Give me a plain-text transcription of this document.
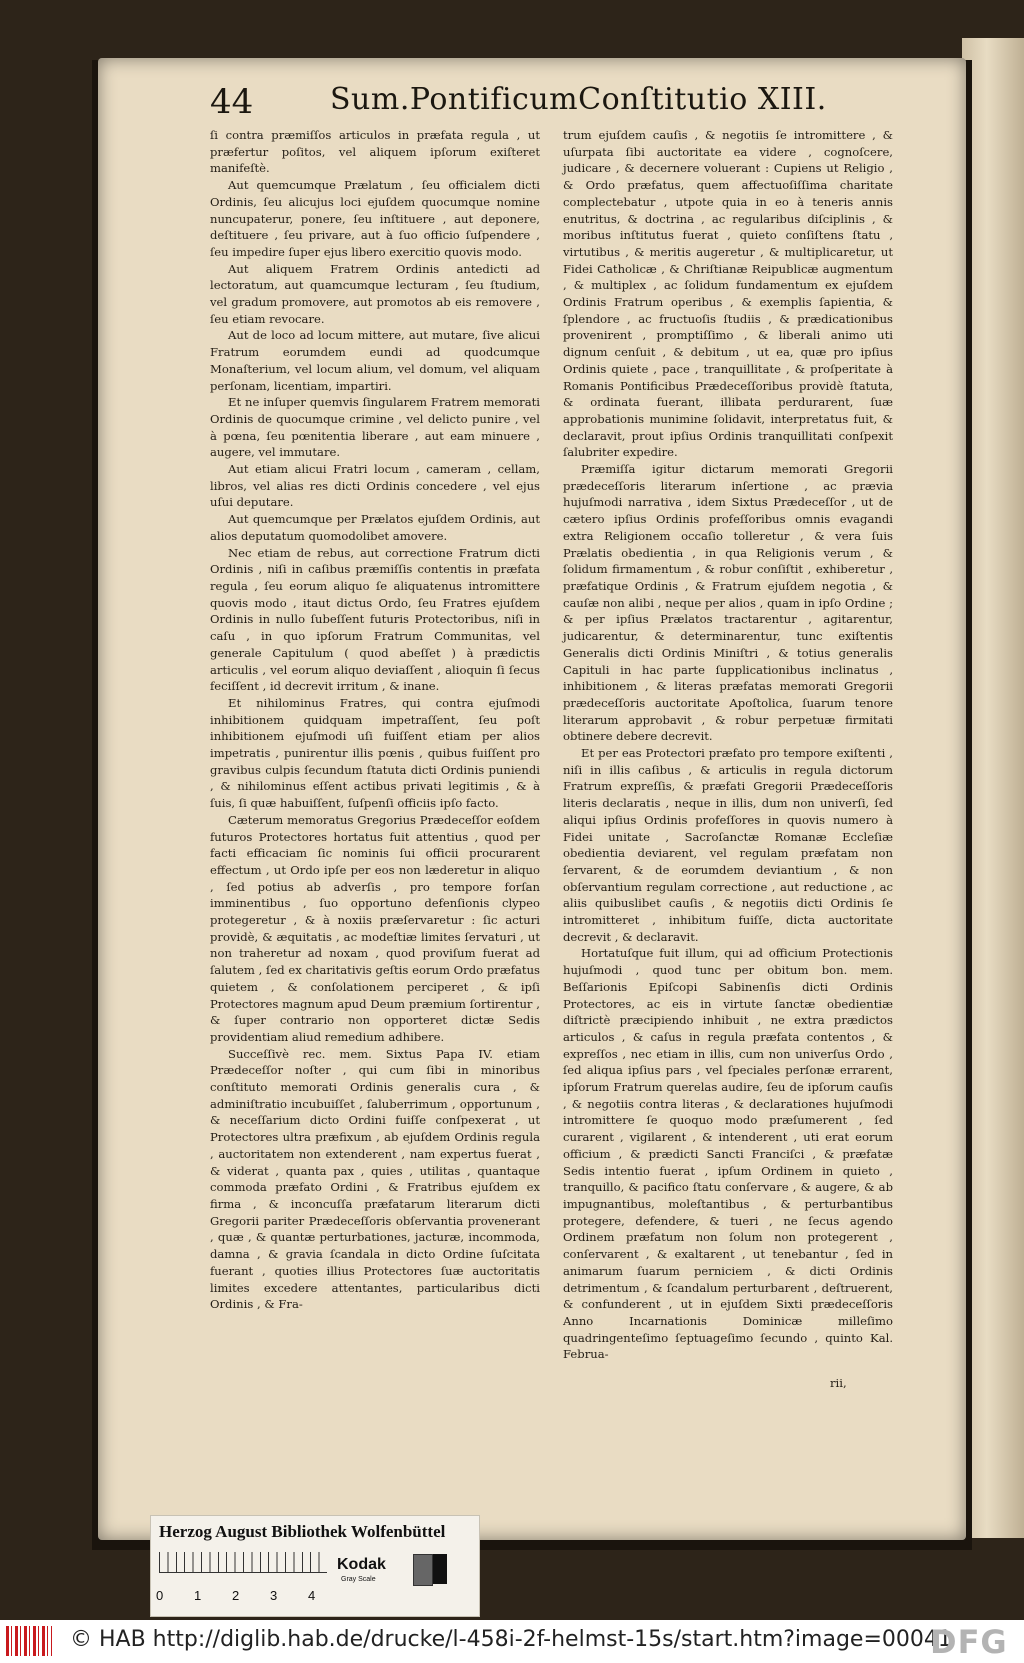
44	Sum.PontificumConſtitutio XIII.

ſi contra præmiſſos articulos in præfata regula , ut præfertur poſitos, vel aliquem ipſorum exiſteret manifeſtè.

Aut quemcumque Prælatum , ſeu officialem dicti Ordinis, ſeu alicujus loci ejuſdem quocumque nomine nuncupaterur, ponere, ſeu inſtituere , aut deponere, deſtituere , ſeu privare, aut à ſuo officio ſuſpendere , ſeu impedire ſuper ejus libero exercitio quovis modo.

Aut aliquem Fratrem Ordinis antedicti ad lectoratum, aut quamcumque lecturam , ſeu ſtudium, vel gradum promovere, aut promotos ab eis removere , ſeu etiam revocare.

Aut de loco ad locum mittere, aut mutare, ſive alicui Fratrum eorumdem eundi ad quodcumque Monaſterium, vel locum alium, vel domum, vel aliquam perſonam, licentiam, impartiri.

Et ne inſuper quemvis ſingularem Fratrem memorati Ordinis de quocumque crimine , vel delicto punire , vel à pœna, ſeu pœnitentia liberare , aut eam minuere , augere, vel immutare.

Aut etiam alicui Fratri locum , cameram , cellam, libros, vel alias res dicti Ordinis concedere , vel ejus uſui deputare.

Aut quemcumque per Prælatos ejuſdem Ordinis, aut alios deputatum quomodolibet amovere.

Nec etiam de rebus, aut correctione Fratrum dicti Ordinis , niſi in caſibus præmiſſis contentis in præfata regula , ſeu eorum aliquo ſe aliquatenus intromittere quovis modo , itaut dictus Ordo, ſeu Fratres ejuſdem Ordinis in nullo ſubeſſent futuris Protectoribus, niſi in caſu , in quo ipſorum Fratrum Communitas, vel generale Capitulum ( quod abeſſet ) à prædictis articulis , vel eorum aliquo deviaſſent , alioquin ſi ſecus feciſſent , id decrevit irritum , & inane.

Et nihilominus Fratres, qui contra ejuſmodi inhibitionem quidquam impetraſſent, ſeu poſt inhibitionem ejuſmodi uſi fuiſſent etiam per alios impetratis , punirentur illis pœnis , quibus fuiſſent pro gravibus culpis ſecundum ſtatuta dicti Ordinis puniendi , & nihilominus eſſent actibus privati legitimis , & à ſuis, ſi quæ habuiſſent, ſuſpenſi officiis ipſo facto.

Cæterum memoratus Gregorius Prædeceſſor eoſdem futuros Protectores hortatus fuit attentius , quod per facti efficaciam ſic nominis ſui officii procurarent effectum , ut Ordo ipſe per eos non læderetur in aliquo , ſed potius ab adverſis , pro tempore forſan imminentibus , ſuo opportuno defenſionis clypeo protegeretur , & à noxiis præſervaretur : ſic acturi providè, & æquitatis , ac modeſtiæ limites ſervaturi , ut non traheretur ad noxam , quod proviſum fuerat ad ſalutem , ſed ex charitativis geſtis eorum Ordo præfatus quietem , & conſolationem perciperet , & ipſi Protectores magnum apud Deum præmium ſortirentur , & ſuper contrario non opporteret dictæ Sedis providentiam aliud remedium adhibere.

Succeſſivè rec. mem. Sixtus Papa IV. etiam Prædeceſſor noſter , qui cum ſibi in minoribus conſtituto memorati Ordinis generalis cura , & adminiſtratio incubuiſſet , ſaluberrimum , opportunum , & neceſſarium dicto Ordini fuiſſe conſpexerat , ut Protectores ultra præfixum , ab ejuſdem Ordinis regula , auctoritatem non extenderent , nam expertus fuerat , & viderat , quanta pax , quies , utilitas , quantaque commoda præfato Ordini , & Fratribus ejuſdem ex firma , & inconcuſſa præfatarum literarum dicti Gregorii pariter Prædeceſſoris obſervantia provenerant , quæ , & quantæ perturbationes, jacturæ, incommoda, damna , & gravia ſcandala in dicto Ordine ſuſcitata fuerant , quoties illius Protectores ſuæ auctoritatis limites excedere attentantes, particularibus dicti Ordinis , & Fra-

trum ejuſdem cauſis , & negotiis ſe intromittere , & uſurpata ſibi auctoritate ea videre , cognoſcere, judicare , & decernere voluerant : Cupiens ut Religio , & Ordo præfatus, quem affectuoſiſſima charitate complectebatur , utpote quia in eo à teneris annis enutritus, & doctrina , ac regularibus diſciplinis , & moribus inſtitutus fuerat , quieto conſiſtens ſtatu , virtutibus , & meritis augeretur , & multiplicaretur, ut Fidei Catholicæ , & Chriſtianæ Reipublicæ augmentum , & multiplex , ac ſolidum fundamentum ex ejuſdem Ordinis Fratrum operibus , & exemplis ſapientia, & ſplendore , ac fructuoſis ſtudiis , & prædicationibus provenirent , promptiſſimo , & liberali animo uti dignum cenſuit , & debitum , ut ea, quæ pro ipſius Ordinis quiete , pace , tranquillitate , & proſperitate à Romanis Pontificibus Prædeceſſoribus providè ſtatuta, & ordinata fuerant, illibata perdurarent, ſuæ approbationis munimine ſolidavit, interpretatus fuit, & declaravit, prout ipſius Ordinis tranquillitati conſpexit ſalubriter expedire.

Præmiſſa igitur dictarum memorati Gregorii prædeceſſoris literarum inſertione , ac prævia hujuſmodi narrativa , idem Sixtus Prædeceſſor , ut de cætero ipſius Ordinis profeſſoribus omnis evagandi extra Religionem occaſio tolleretur , & vera ſuis Prælatis obedientia , in qua Religionis verum , & ſolidum firmamentum , & robur conſiſtit , exhiberetur , præfatique Ordinis , & Fratrum ejuſdem negotia , & cauſæ non alibi , neque per alios , quam in ipſo Ordine ; & per ipſius Prælatos tractarentur , agitarentur, judicarentur, & determinarentur, tunc exiſtentis Generalis dicti Ordinis Miniſtri , & totius generalis Capituli in hac parte ſupplicationibus inclinatus , inhibitionem , & literas præfatas memorati Gregorii prædeceſſoris auctoritate Apoſtolica, ſuarum tenore literarum approbavit , & robur perpetuæ firmitati obtinere debere decrevit.

Et per eas Protectori præfato pro tempore exiſtenti , niſi in illis caſibus , & articulis in regula dictorum Fratrum expreſſis, & præfati Gregorii Prædeceſſoris literis declaratis , neque in illis, dum non univerſi, ſed aliqui ipſius Ordinis profeſſores in quovis numero à Fidei unitate , Sacroſanctæ Romanæ Eccleſiæ obedientia deviarent, vel regulam præfatam non ſervarent, & de eorumdem deviantium , & non obſervantium regulam correctione , aut reductione , ac aliis quibuslibet cauſis , & negotiis dicti Ordinis ſe intromitteret , inhibitum fuiſſe, dicta auctoritate decrevit , & declaravit.

Hortatuſque fuit illum, qui ad officium Protectionis hujuſmodi , quod tunc per obitum bon. mem. Beſſarionis Epiſcopi Sabinenſis dicti Ordinis Protectores, ac eis in virtute ſanctæ obedientiæ diſtrictè præcipiendo inhibuit , ne extra prædictos articulos , & caſus in regula præfata contentos , & expreſſos , nec etiam in illis, cum non univerſus Ordo , ſed aliqua ipſius pars , vel ſpeciales perſonæ errarent, ipſorum Fratrum querelas audire, ſeu de ipſorum cauſis , & negotiis contra literas , & declarationes hujuſmodi intromittere ſe quoquo modo præſumerent , ſed curarent , vigilarent , & intenderent , uti erat eorum officium , & prædicti Sancti Franciſci , & præfatæ Sedis intentio fuerat , ipſum Ordinem in quieto , tranquillo, & pacifico ſtatu conſervare , & augere, & ab impugnantibus, moleſtantibus , & perturbantibus protegere, defendere, & tueri , ne ſecus agendo Ordinem præfatum non ſolum non protegerent , conſervarent , & exaltarent , ut tenebantur , ſed in animarum ſuarum perniciem , & dicti Ordinis detrimentum , & ſcandalum perturbarent , deſtruerent, & confunderent , ut in ejuſdem Sixti prædeceſſoris Anno Incarnationis Dominicæ milleſimo quadringenteſimo ſeptuageſimo ſecundo , quinto Kal. Februa-

rii,
Herzog August Bibliothek Wolfenbüttel
0 1 2 3 4
Kodak
Gray Scale
© HAB http://diglib.hab.de/drucke/l-458i-2f-helmst-15s/start.htm?image=00041
DFG
